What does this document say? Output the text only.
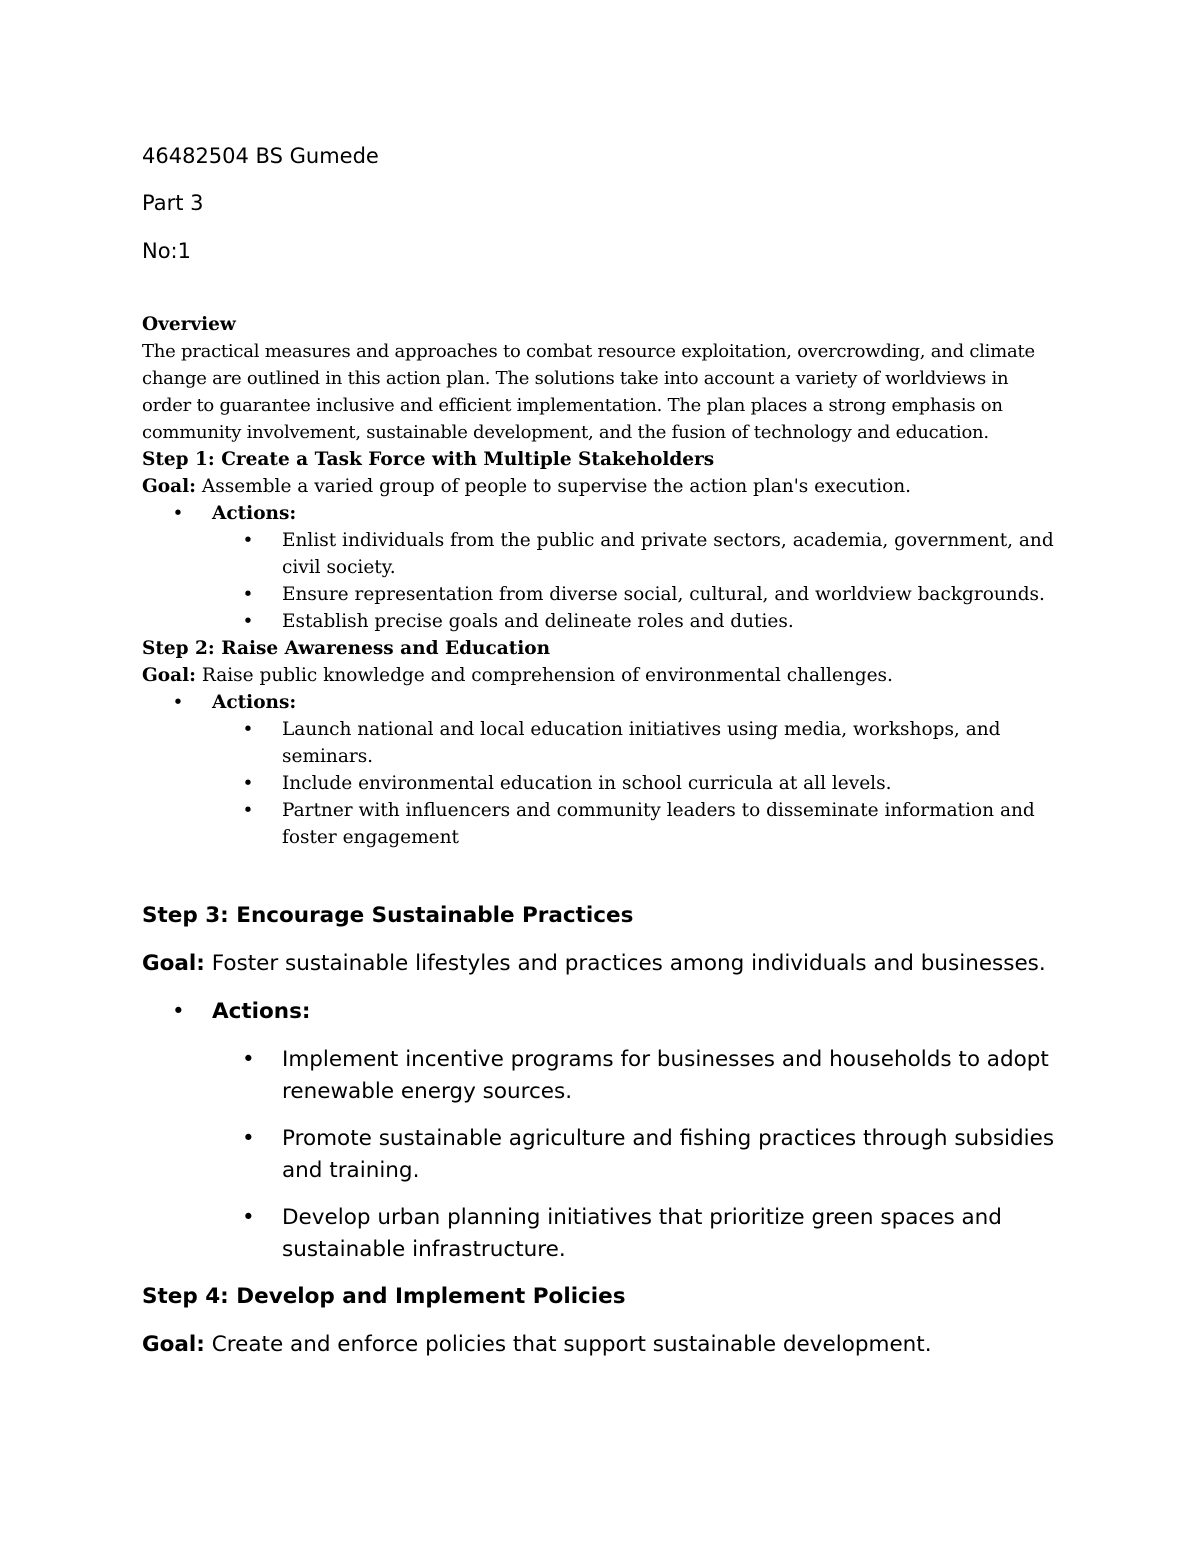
46482504 BS Gumede

Part 3

No:1

Overview

The practical measures and approaches to combat resource exploitation, overcrowding, and climate change are outlined in this action plan. The solutions take into account a variety of worldviews in order to guarantee inclusive and efficient implementation. The plan places a strong emphasis on community involvement, sustainable development, and the fusion of technology and education.

Step 1: Create a Task Force with Multiple Stakeholders

Goal: Assemble a varied group of people to supervise the action plan's execution.

• Actions:
• Enlist individuals from the public and private sectors, academia, government, and civil society.
• Ensure representation from diverse social, cultural, and worldview backgrounds.
• Establish precise goals and delineate roles and duties.

Step 2: Raise Awareness and Education

Goal: Raise public knowledge and comprehension of environmental challenges.

• Actions:
• Launch national and local education initiatives using media, workshops, and seminars.
• Include environmental education in school curricula at all levels.
• Partner with influencers and community leaders to disseminate information and foster engagement

Step 3: Encourage Sustainable Practices

Goal: Foster sustainable lifestyles and practices among individuals and businesses.

• Actions:
• Implement incentive programs for businesses and households to adopt renewable energy sources.
• Promote sustainable agriculture and fishing practices through subsidies and training.
• Develop urban planning initiatives that prioritize green spaces and sustainable infrastructure.

Step 4: Develop and Implement Policies

Goal: Create and enforce policies that support sustainable development.
